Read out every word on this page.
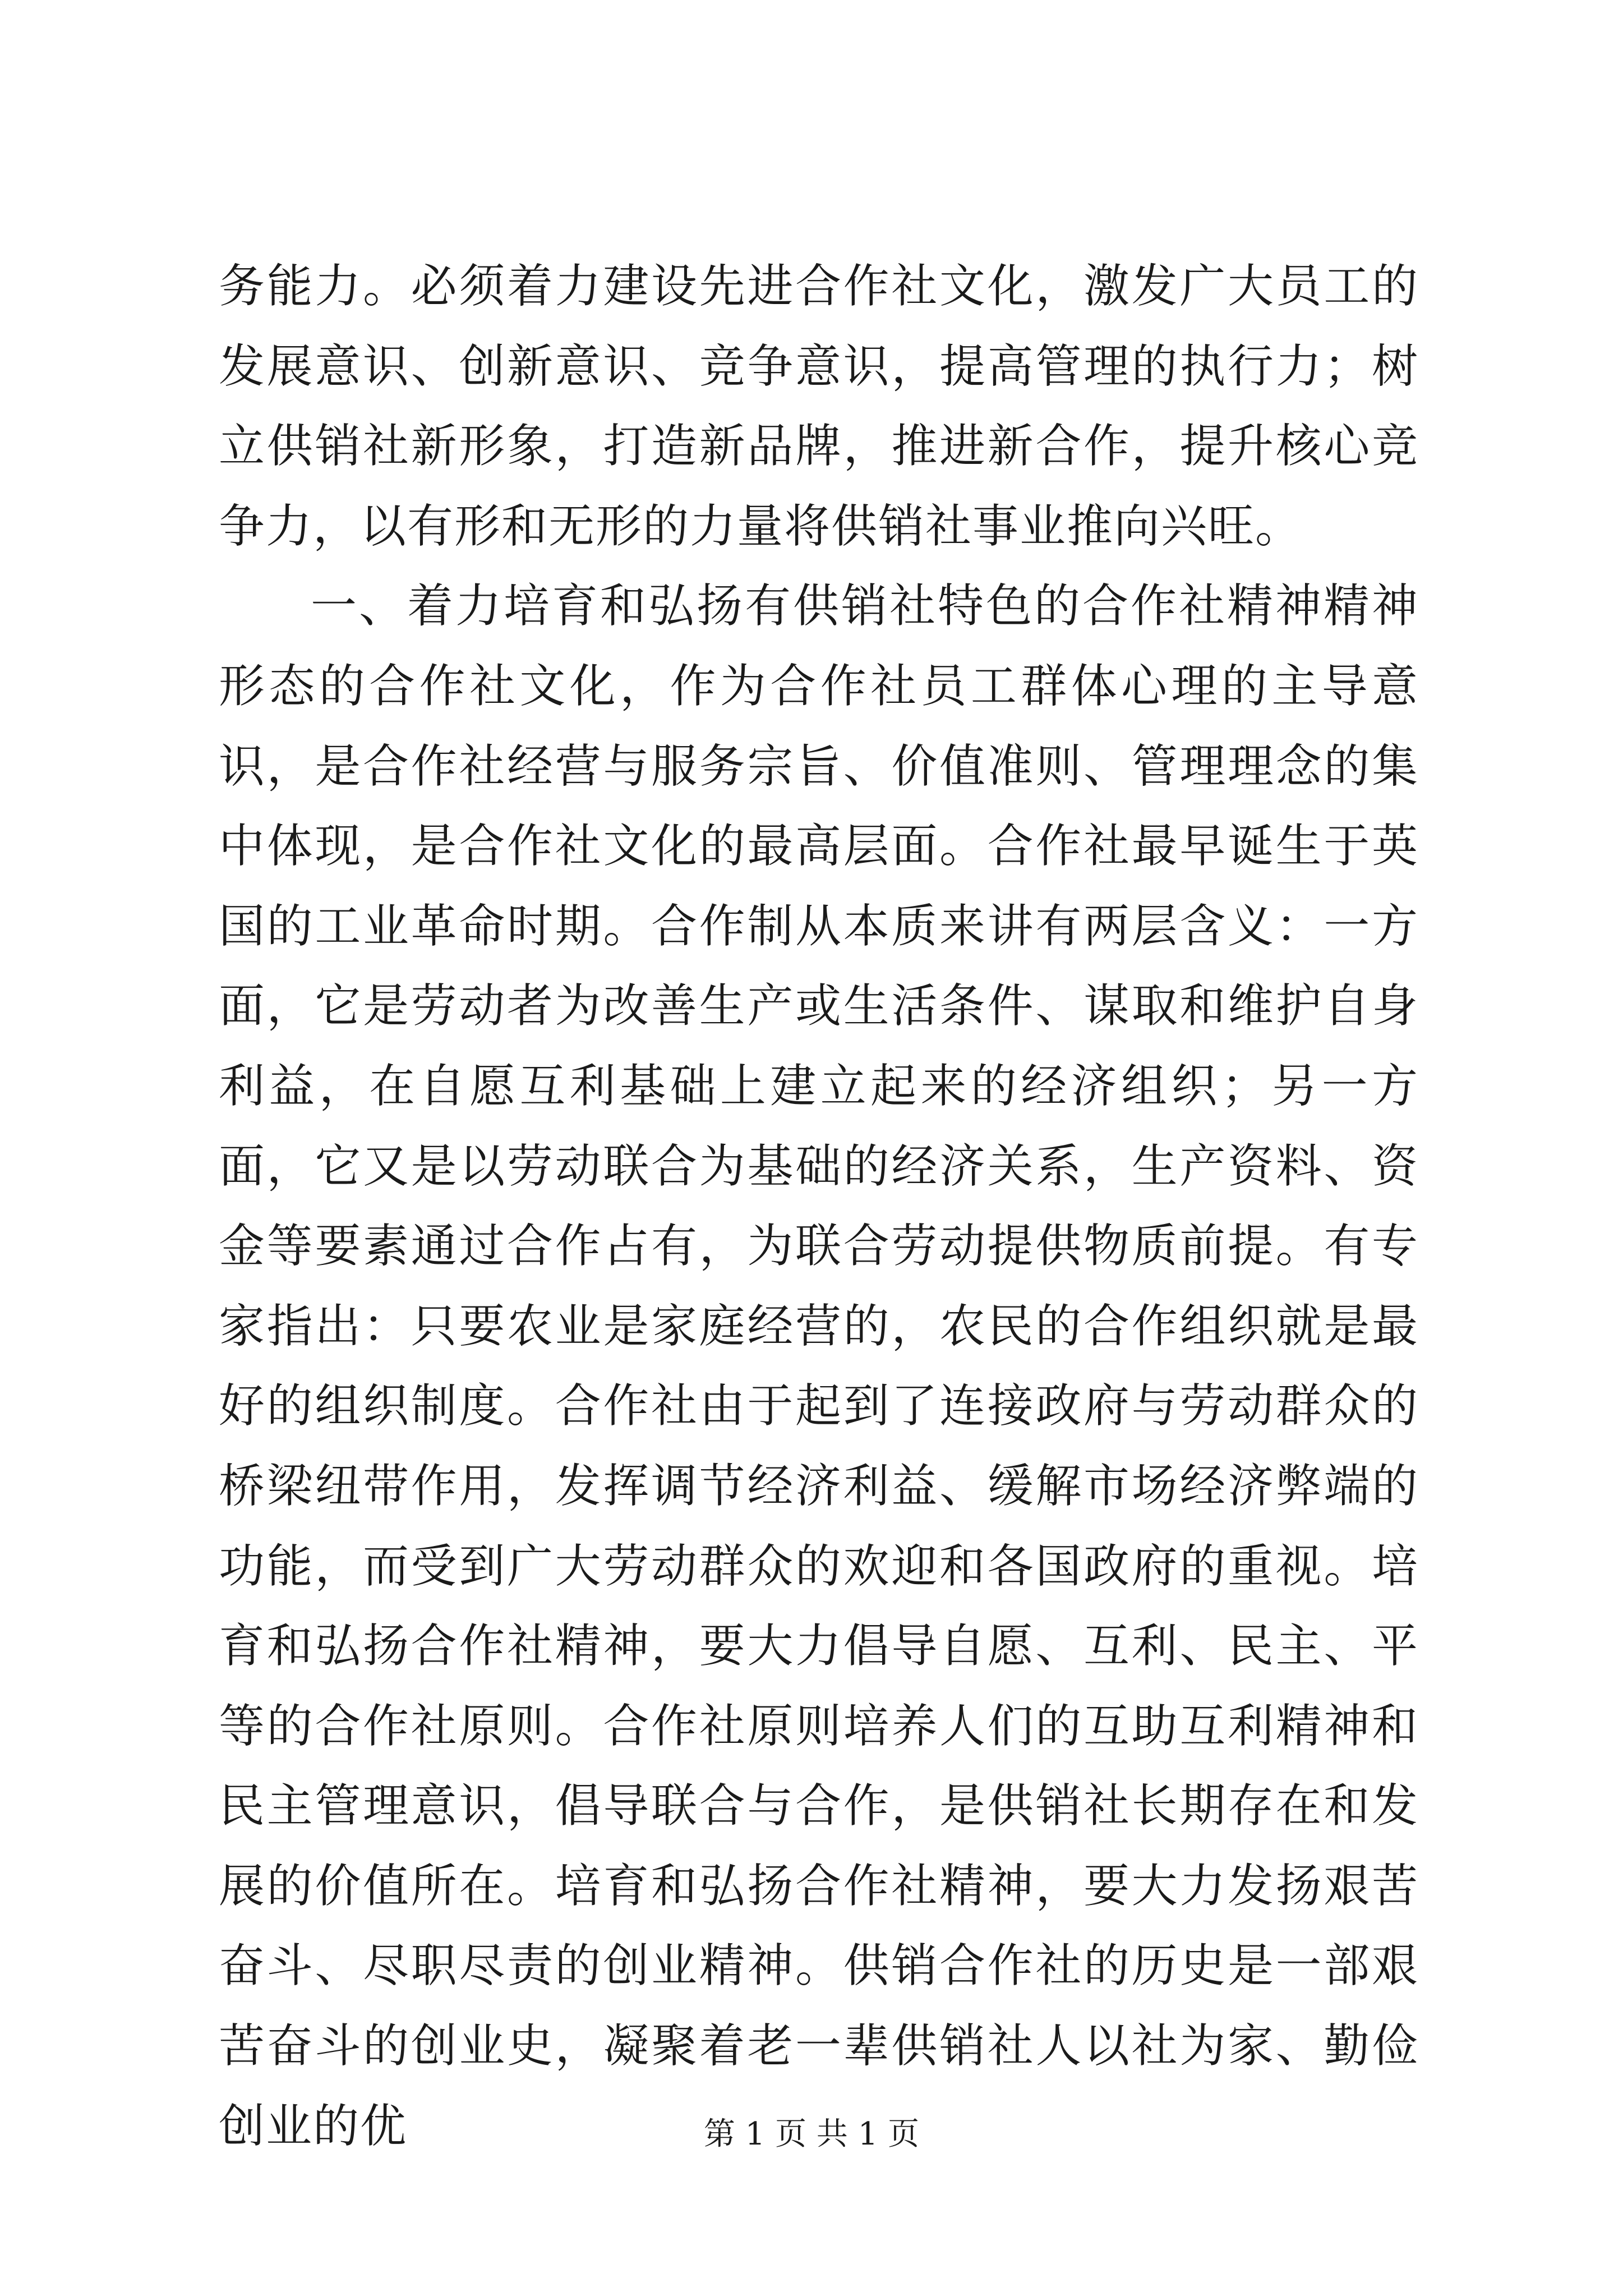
务能力。必须着力建设先进合作社文化，激发广大员工的发展意识、创新意识、竞争意识，提高管理的执行力；树立供销社新形象，打造新品牌，推进新合作，提升核心竞争力，以有形和无形的力量将供销社事业推向兴旺。

一、着力培育和弘扬有供销社特色的合作社精神精神形态的合作社文化，作为合作社员工群体心理的主导意识，是合作社经营与服务宗旨、价值准则、管理理念的集中体现，是合作社文化的最高层面。合作社最早诞生于英国的工业革命时期。合作制从本质来讲有两层含义：一方面，它是劳动者为改善生产或生活条件、谋取和维护自身利益，在自愿互利基础上建立起来的经济组织；另一方面，它又是以劳动联合为基础的经济关系，生产资料、资金等要素通过合作占有，为联合劳动提供物质前提。有专家指出：只要农业是家庭经营的，农民的合作组织就是最好的组织制度。合作社由于起到了连接政府与劳动群众的桥梁纽带作用，发挥调节经济利益、缓解市场经济弊端的功能，而受到广大劳动群众的欢迎和各国政府的重视。培育和弘扬合作社精神，要大力倡导自愿、互利、民主、平等的合作社原则。合作社原则培养人们的互助互利精神和民主管理意识，倡导联合与合作，是供销社长期存在和发展的价值所在。培育和弘扬合作社精神，要大力发扬艰苦奋斗、尽职尽责的创业精神。供销合作社的历史是一部艰苦奋斗的创业史，凝聚着老一辈供销社人以社为家、勤俭创业的优	第 1 页 共 1 页
